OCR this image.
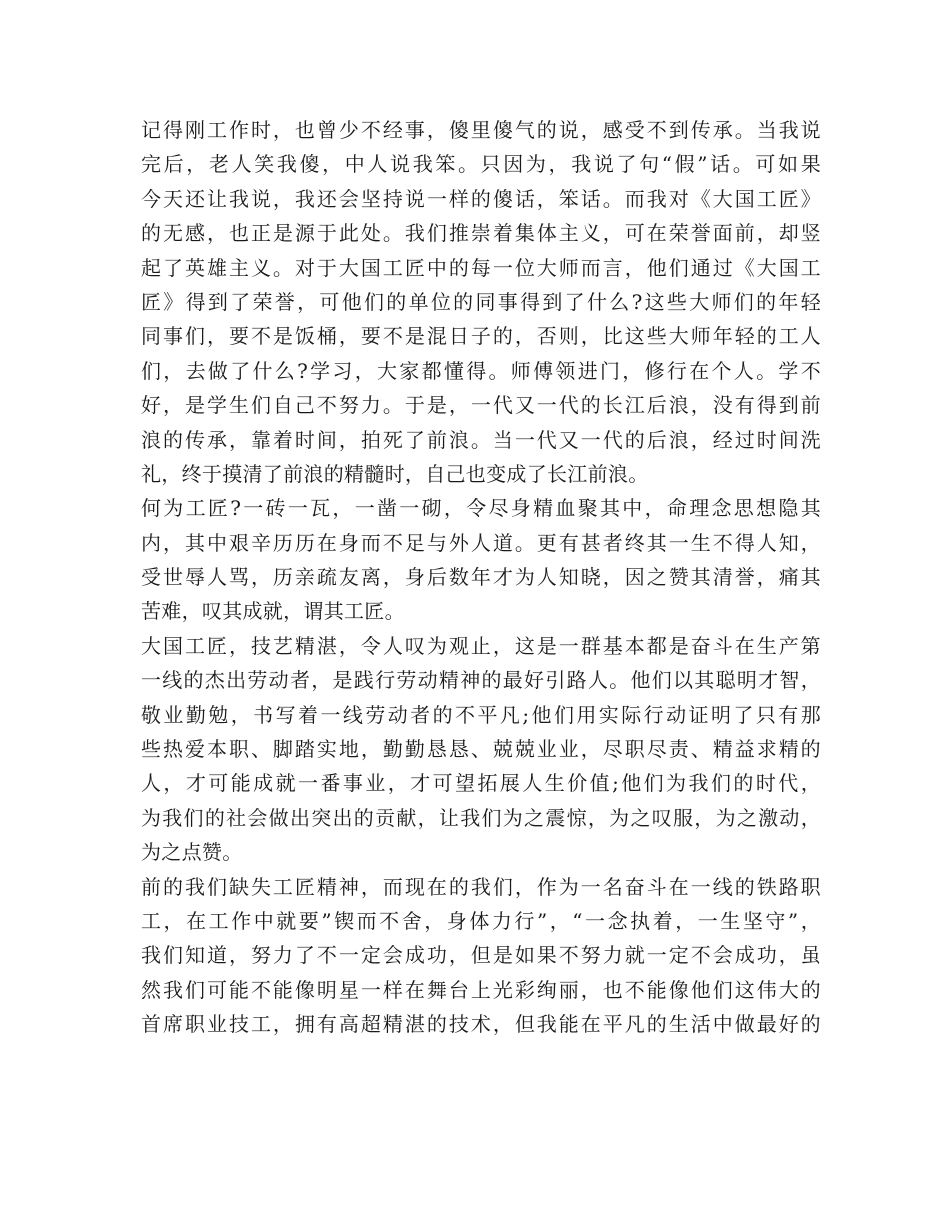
记得刚工作时，也曾少不经事，傻里傻气的说，感受不到传承。当我说
完后，老人笑我傻，中人说我笨。只因为，我说了句“假”话。可如果
今天还让我说，我还会坚持说一样的傻话，笨话。而我对《大国工匠》
的无感，也正是源于此处。我们推崇着集体主义，可在荣誉面前，却竖
起了英雄主义。对于大国工匠中的每一位大师而言，他们通过《大国工
匠》得到了荣誉，可他们的单位的同事得到了什么?这些大师们的年轻
同事们，要不是饭桶，要不是混日子的，否则，比这些大师年轻的工人
们，去做了什么?学习，大家都懂得。师傅领进门，修行在个人。学不
好，是学生们自己不努力。于是，一代又一代的长江后浪，没有得到前
浪的传承，靠着时间，拍死了前浪。当一代又一代的后浪，经过时间洗
礼，终于摸清了前浪的精髓时，自己也变成了长江前浪。
何为工匠?一砖一瓦，一凿一砌，令尽身精血聚其中，命理念思想隐其
内，其中艰辛历历在身而不足与外人道。更有甚者终其一生不得人知，
受世辱人骂，历亲疏友离，身后数年才为人知晓，因之赞其清誉，痛其
苦难，叹其成就，谓其工匠。
大国工匠，技艺精湛，令人叹为观止，这是一群基本都是奋斗在生产第
一线的杰出劳动者，是践行劳动精神的最好引路人。他们以其聪明才智，
敬业勤勉，书写着一线劳动者的不平凡;他们用实际行动证明了只有那
些热爱本职、脚踏实地，勤勤恳恳、兢兢业业，尽职尽责、精益求精的
人，才可能成就一番事业，才可望拓展人生价值;他们为我们的时代，
为我们的社会做出突出的贡献，让我们为之震惊，为之叹服，为之激动，
为之点赞。
前的我们缺失工匠精神，而现在的我们，作为一名奋斗在一线的铁路职
工，在工作中就要”锲而不舍，身体力行”，“一念执着，一生坚守”，
我们知道，努力了不一定会成功，但是如果不努力就一定不会成功，虽
然我们可能不能像明星一样在舞台上光彩绚丽，也不能像他们这伟大的
首席职业技工，拥有高超精湛的技术，但我能在平凡的生活中做最好的
